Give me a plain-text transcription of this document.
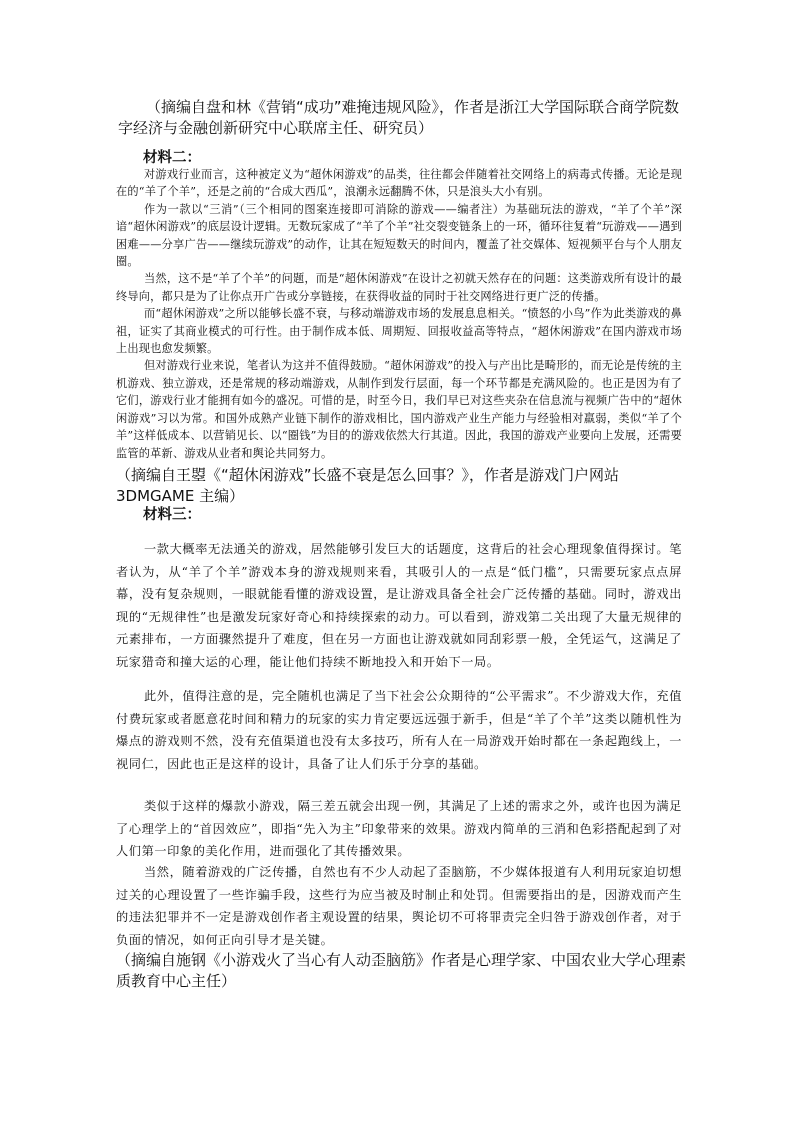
（摘编自盘和林《营销“成功”难掩违规风险》，作者是浙江大学国际联合商学院数字经济与金融创新研究中心联席主任、研究员）
材料二：

对游戏行业而言，这种被定义为“超休闲游戏”的品类，往往都会伴随着社交网络上的病毒式传播。无论是现在的“羊了个羊”，还是之前的“合成大西瓜”，浪潮永远翻腾不休，只是浪头大小有别。

作为一款以“三消”（三个相同的图案连接即可消除的游戏——编者注）为基础玩法的游戏，“羊了个羊”深谙“超休闲游戏”的底层设计逻辑。无数玩家成了“羊了个羊”社交裂变链条上的一环，循环往复着“玩游戏——遇到困难——分享广告——继续玩游戏”的动作，让其在短短数天的时间内，覆盖了社交媒体、短视频平台与个人朋友圈。

当然，这不是“羊了个羊”的问题，而是“超休闲游戏”在设计之初就天然存在的问题：这类游戏所有设计的最终导向，都只是为了让你点开广告或分享链接，在获得收益的同时于社交网络进行更广泛的传播。

而“超休闲游戏”之所以能够长盛不衰，与移动端游戏市场的发展息息相关。“愤怒的小鸟”作为此类游戏的鼻祖，证实了其商业模式的可行性。由于制作成本低、周期短、回报收益高等特点，“超休闲游戏”在国内游戏市场上出现也愈发频繁。

但对游戏行业来说，笔者认为这并不值得鼓励。“超休闲游戏”的投入与产出比是畸形的，而无论是传统的主机游戏、独立游戏，还是常规的移动端游戏，从制作到发行层面，每一个环节都是充满风险的。也正是因为有了它们，游戏行业才能拥有如今的盛况。可惜的是，时至今日，我们早已对这些夹杂在信息流与视频广告中的“超休闲游戏”习以为常。和国外成熟产业链下制作的游戏相比，国内游戏产业生产能力与经验相对羸弱，类似“羊了个羊”这样低成本、以营销见长、以“圈钱”为目的的游戏依然大行其道。因此，我国的游戏产业要向上发展，还需要监管的革新、游戏从业者和舆论共同努力。

（摘编自王曌《“超休闲游戏”长盛不衰是怎么回事？》，作者是游戏门户网站 3DMGAME 主编）
材料三：

一款大概率无法通关的游戏，居然能够引发巨大的话题度，这背后的社会心理现象值得探讨。笔者认为，从“羊了个羊”游戏本身的游戏规则来看，其吸引人的一点是“低门槛”，只需要玩家点点屏幕，没有复杂规则，一眼就能看懂的游戏设置，是让游戏具备全社会广泛传播的基础。同时，游戏出现的“无规律性”也是激发玩家好奇心和持续探索的动力。可以看到，游戏第二关出现了大量无规律的元素排布，一方面骤然提升了难度，但在另一方面也让游戏就如同刮彩票一般，全凭运气，这满足了玩家猎奇和撞大运的心理，能让他们持续不断地投入和开始下一局。

此外，值得注意的是，完全随机也满足了当下社会公众期待的“公平需求”。不少游戏大作，充值付费玩家或者愿意花时间和精力的玩家的实力肯定要远远强于新手，但是“羊了个羊”这类以随机性为爆点的游戏则不然，没有充值渠道也没有太多技巧，所有人在一局游戏开始时都在一条起跑线上，一视同仁，因此也正是这样的设计，具备了让人们乐于分享的基础。

类似于这样的爆款小游戏，隔三差五就会出现一例，其满足了上述的需求之外，或许也因为满足了心理学上的“首因效应”，即指“先入为主”印象带来的效果。游戏内简单的三消和色彩搭配起到了对人们第一印象的美化作用，进而强化了其传播效果。

当然，随着游戏的广泛传播，自然也有不少人动起了歪脑筋，不少媒体报道有人利用玩家迫切想过关的心理设置了一些诈骗手段，这些行为应当被及时制止和处罚。但需要指出的是，因游戏而产生的违法犯罪并不一定是游戏创作者主观设置的结果，舆论切不可将罪责完全归咎于游戏创作者，对于负面的情况，如何正向引导才是关键。

（摘编自施钢《小游戏火了当心有人动歪脑筋》作者是心理学家、中国农业大学心理素质教育中心主任）
